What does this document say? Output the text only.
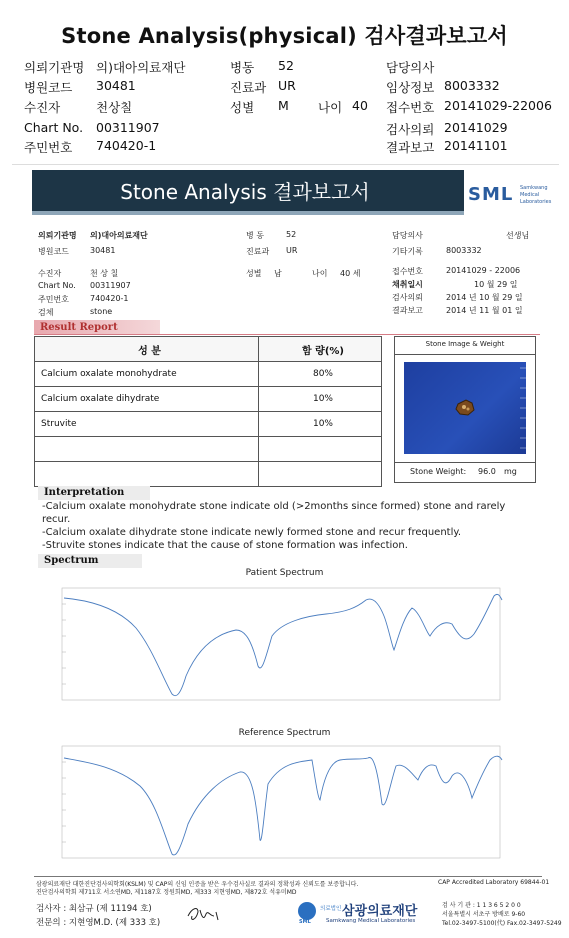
Stone Analysis(physical) 검사결과보고서
의뢰기관명 의)대아의료재단	병동 52	담당의사
병원코드 30481	진료과 UR	임상정보 8003332
수진자	천상칠	성별 M 나이 40 접수번호 20141029-22006
Chart No. 00311907	검사의뢰 20141029
주민번호 740420-1	결과보고 20141101
Stone Analysis 결과보고서	SML Samkwang
Medical
Laboratories
의뢰기관명 의)대아의료재단
병원코드	30481
병 동	52
진료과 UR
담당의사	선생님
기타기록	8003332
수진자	천 상 칠
Chart No. 00311907
주민번호	740420-1
검체	stone
성별 남	나이 40 세	접수번호	20141029 - 22006
채취일시	10 월 29 일
검사의뢰	2014 년 10 월 29 일
결과보고	2014 년 11 월 01 일
Result Report
성 분	함 량(%)
Calcium oxalate monohydrate	80%
Calcium oxalate dihydrate	10%
Struvite	10%

Stone Image & Weight
Stone Weight: 96.0 mg
Interpretation
-Calcium oxalate monohydrate stone indicate old (>2months since formed) stone and rarely
recur.
-Calcium oxalate dihydrate stone indicate newly formed stone and recur frequently.
-Struvite stones indicate that the cause of stone formation was infection.
Spectrum
Patient Spectrum
Reference Spectrum
삼광의료재단 대한진단검사의학회(KSLM) 및 CAP의 신임 인증을 받은 우수검사실로 결과의 정확성과 신뢰도를 보증합니다.
진단검사의학회 제711호 서소연MD, 제1187호 정원희MD, 제333 지현영MD, 제872호 석유미MD
CAP Accredited Laboratory 69844-01
검사자 : 최삼규 (제 11194 호)
전문의 : 지현영M.D. (제 333 호)	SML
의료법인 삼광의료재단
Samkwang Medical Laboratories
검 사 기 관 : 1 1 3 6 5 2 0 0
서울특별시 서초구 방배로 9-60
Tel.02-3497-5100(代) Fax.02-3497-5249
